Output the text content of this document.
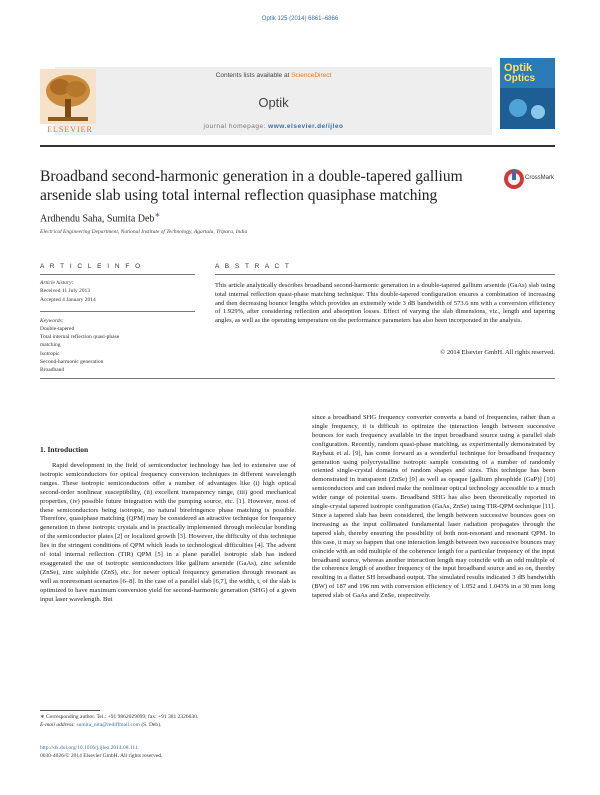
Optik 125 (2014) 6861–6866
Contents lists available at ScienceDirect
Optik
journal homepage: www.elsevier.de/ijleo
ELSEVIER
Optik
Optics
Broadband second-harmonic generation in a double-tapered gallium arsenide slab using total internal reflection quasiphase matching
CrossMark
Ardhendu Saha, Sumita Deb∗
Electrical Engineering Department, National Institute of Technology, Agartala, Tripura, India
A R T I C L E I N F O
Article history:
Received 11 July 2013
Accepted 4 January 2014
Keywords:
Double-tapered
Total internal reflection quasi-phase
matching
Isotropic
Second-harmonic generation
Broadband
A B S T R A C T
This article analytically describes broadband second-harmonic generation in a double-tapered gallium arsenide (GaAs) slab using total internal reflection quasi-phase matching technique. This double-tapered configuration ensures a combination of increasing and then decreasing bounce lengths which provides an extremely wide 3 dB bandwidth of 573.6 nm with a conversion efficiency of 1.929%, after considering reflection and absorption losses. Effect of varying the slab dimensions, viz., length and tapering angles, as well as the operating temperature on the performance parameters has also been incorporated in the analysis.
© 2014 Elsevier GmbH. All rights reserved.
1. Introduction
Rapid development in the field of semiconductor technology has led to extensive use of isotropic semiconductors for optical frequency conversion techniques in different wavelength ranges. These isotropic semiconductors offer a number of advantages like (i) high optical second-order nonlinear susceptibility, (ii) excellent transparency range, (iii) good mechanical properties, (iv) possible future integration with the pumping source, etc. [1]. However, most of these semiconductors being isotropic, no natural birefringence phase matching is possible. Therefore, quasiphase matching (QPM) may be considered an attractive technique for frequency generation in these isotropic crystals and is practically implemented through molecular bonding of the semiconductor plates [2] or localized growth [3]. However, the difficulty of this technique lies in the stringent conditions of QPM which leads to technological difficulties [4]. The advent of total internal reflection (TIR) QPM [5] in a plane parallel isotropic slab has indeed exaggerated the use of isotropic semiconductors like gallium arsenide (GaAs), zinc selenide (ZnSe), zinc sulphide (ZnS), etc. for newer optical frequency generation through resonant as well as nonresonant scenarios [6–8]. In the case of a parallel slab [6,7], the width, t, of the slab is optimized to have maximum conversion yield for second-harmonic generation (SHG) of a given input laser wavelength. But
since a broadband SHG frequency converter converts a band of frequencies, rather than a single frequency, it is difficult to optimize the interaction length between successive bounces for each frequency available in the input broadband source using a parallel slab configuration. Recently, random quasi-phase matching, as experimentally demonstrated by Raybaut et al. [9], has come forward as a wonderful technique for broadband frequency generation using polycrystalline isotropic sample consisting of a number of randomly oriented single-crystal domains of random shapes and sizes. This technique has been demonstrated in transparent (ZnSe) [9] as well as opaque [gallium phosphide (GaP)] [10] semiconductors and can indeed make the nonlinear optical technology accessible to a much wider range of potential users. Broadband SHG has also been theoretically reported in single-crystal tapered isotropic configuration (GaAs, ZnSe) using TIR-QPM technique [11]. Since a tapered slab has been considered, the length between successive bounces goes on increasing as the input collimated fundamental laser radiation propagates through the tapered slab, thereby ensuring the possibility of both non-resonant and resonant QPM. In this case, it may so happen that one interaction length between two successive bounces may coincide with an odd multiple of the coherence length for a particular frequency of the input broadband source, whereas another interaction length may coincide with an odd multiple of the coherence length of another frequency of the input broadband source and so on, thereby resulting in a flatter SH broadband output. The simulated results indicated 3 dB bandwidth (BW) of 187 and 196 nm with conversion efficiency of 1.052 and 1.043% in a 30 mm long tapered slab of GaAs and ZnSe, respectively.
∗ Corresponding author. Tel.: +91 9862029099; fax: +91 381 2326630.
E-mail address: sumita_nita@rediffmail.com (S. Deb).
http://dx.doi.org/10.1016/j.ijleo.2014.08.111
0030-4026/© 2014 Elsevier GmbH. All rights reserved.
